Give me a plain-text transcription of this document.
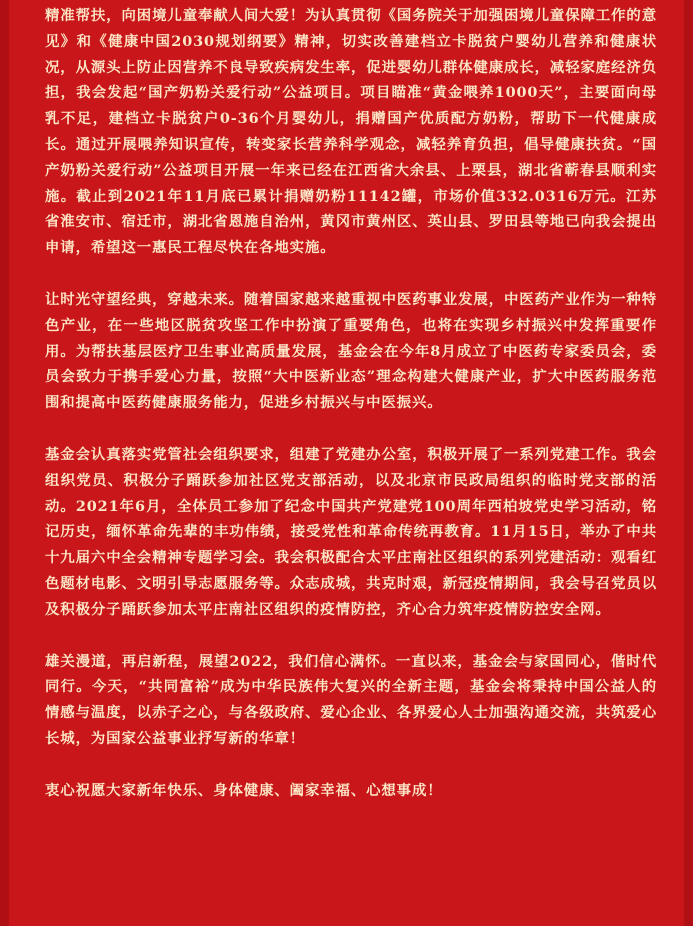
精准帮扶，向困境儿童奉献人间大爱！为认真贯彻《国务院关于加强困境儿童保障工作的意见》和《健康中国2030规划纲要》精神，切实改善建档立卡脱贫户婴幼儿营养和健康状况，从源头上防止因营养不良导致疾病发生率，促进婴幼儿群体健康成长，减轻家庭经济负担，我会发起“国产奶粉关爱行动”公益项目。项目瞄准“黄金喂养1000天”，主要面向母乳不足，建档立卡脱贫户0-36个月婴幼儿，捐赠国产优质配方奶粉，帮助下一代健康成长。通过开展喂养知识宣传，转变家长营养科学观念，减轻养育负担，倡导健康扶贫。“国产奶粉关爱行动”公益项目开展一年来已经在江西省大余县、上栗县，湖北省蕲春县顺利实施。截止到2021年11月底已累计捐赠奶粉11142罐，市场价值332.0316万元。江苏省淮安市、宿迁市，湖北省恩施自治州，黄冈市黄州区、英山县、罗田县等地已向我会提出申请，希望这一惠民工程尽快在各地实施。

让时光守望经典，穿越未来。随着国家越来越重视中医药事业发展，中医药产业作为一种特色产业，在一些地区脱贫攻坚工作中扮演了重要角色，也将在实现乡村振兴中发挥重要作用。为帮扶基层医疗卫生事业高质量发展，基金会在今年8月成立了中医药专家委员会，委员会致力于携手爱心力量，按照“大中医新业态”理念构建大健康产业，扩大中医药服务范围和提高中医药健康服务能力，促进乡村振兴与中医振兴。

基金会认真落实党管社会组织要求，组建了党建办公室，积极开展了一系列党建工作。我会组织党员、积极分子踊跃参加社区党支部活动，以及北京市民政局组织的临时党支部的活动。2021年6月，全体员工参加了纪念中国共产党建党100周年西柏坡党史学习活动，铭记历史，缅怀革命先辈的丰功伟绩，接受党性和革命传统再教育。11月15日，举办了中共十九届六中全会精神专题学习会。我会积极配合太平庄南社区组织的系列党建活动：观看红色题材电影、文明引导志愿服务等。众志成城，共克时艰，新冠疫情期间，我会号召党员以及积极分子踊跃参加太平庄南社区组织的疫情防控，齐心合力筑牢疫情防控安全网。

雄关漫道，再启新程，展望2022，我们信心满怀。一直以来，基金会与家国同心，偕时代同行。今天，“共同富裕”成为中华民族伟大复兴的全新主题，基金会将秉持中国公益人的情感与温度，以赤子之心，与各级政府、爱心企业、各界爱心人士加强沟通交流，共筑爱心长城，为国家公益事业抒写新的华章！

衷心祝愿大家新年快乐、身体健康、阖家幸福、心想事成！
